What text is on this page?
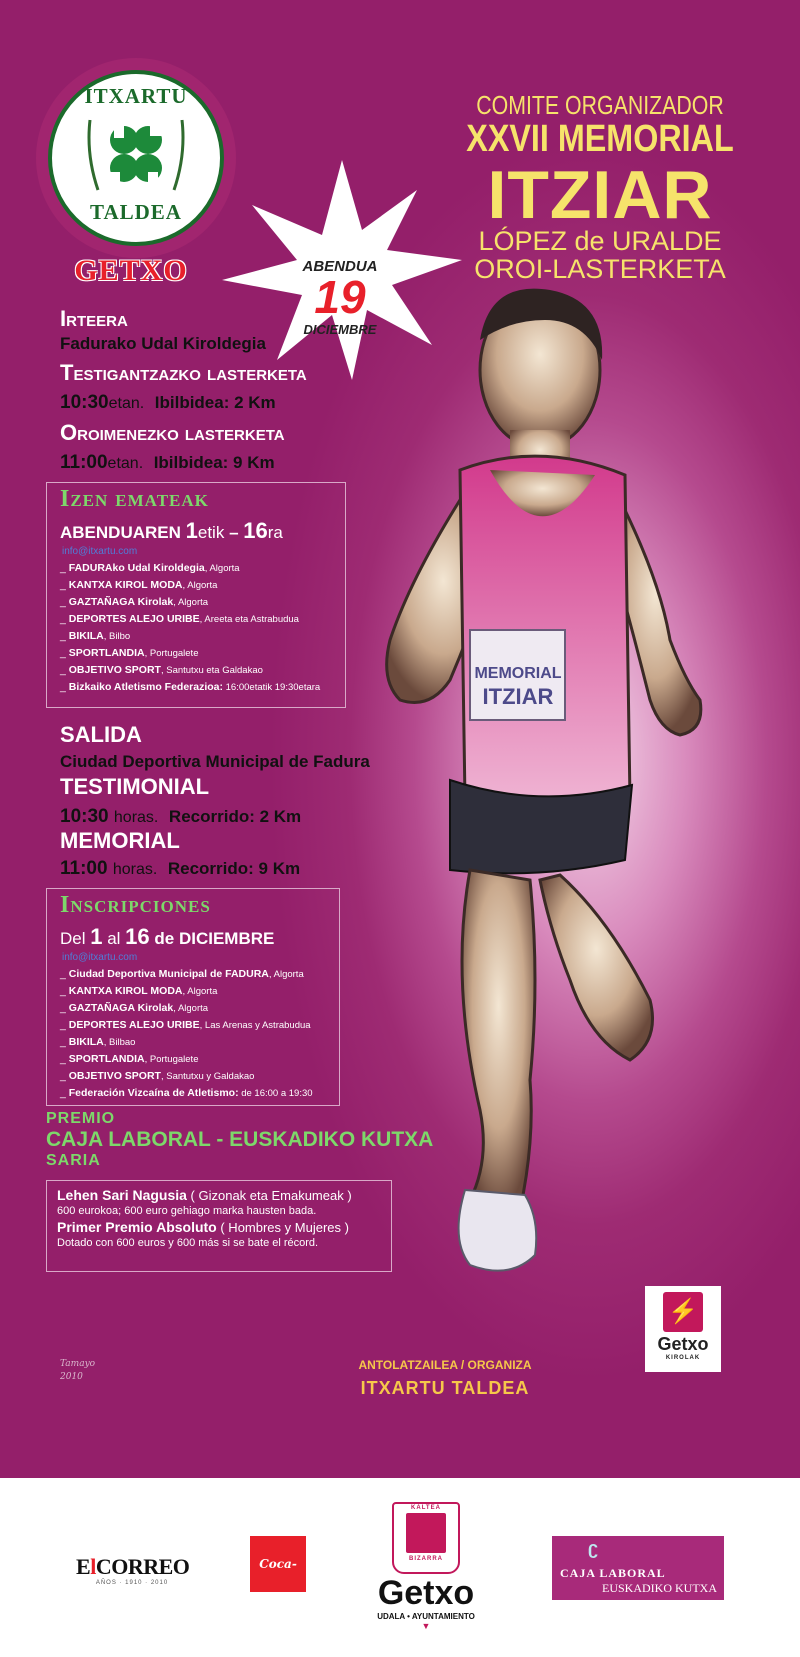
MEMORIAL
ITZIAR
ITXARTU
TALDEA
GETXO
COMITE ORGANIZADOR
XXVII MEMORIAL
ITZIAR
LÓPEZ de URALDE
OROI-LASTERKETA
ABENDUA
19
DICIEMBRE
Irteera
Fadurako Udal Kiroldegia
Testigantzazko lasterketa
10:30etan. Ibilbidea: 2 Km
Oroimenezko lasterketa
11:00etan. Ibilbidea: 9 Km
Izen emateak
ABENDUAREN 1etik – 16ra
info@itxartu.com
_ FADURAko Udal Kiroldegia, Algorta
_ KANTXA KIROL MODA, Algorta
_ GAZTAÑAGA Kirolak, Algorta
_ DEPORTES ALEJO URIBE, Areeta eta Astrabudua
_ BIKILA, Bilbo
_ SPORTLANDIA, Portugalete
_ OBJETIVO SPORT, Santutxu eta Galdakao
_ Bizkaiko Atletismo Federazioa: 16:00etatik 19:30etara
SALIDA
Ciudad Deportiva Municipal de Fadura
TESTIMONIAL
10:30 horas. Recorrido: 2 Km
MEMORIAL
11:00 horas. Recorrido: 9 Km
Inscripciones
Del 1 al 16 de DICIEMBRE
info@itxartu.com
_ Ciudad Deportiva Municipal de FADURA, Algorta
_ KANTXA KIROL MODA, Algorta
_ GAZTAÑAGA Kirolak, Algorta
_ DEPORTES ALEJO URIBE, Las Arenas y Astrabudua
_ BIKILA, Bilbao
_ SPORTLANDIA, Portugalete
_ OBJETIVO SPORT, Santutxu y Galdakao
_ Federación Vizcaína de Atletismo: de 16:00 a 19:30
PREMIO
CAJA LABORAL - EUSKADIKO KUTXA
SARIA
Lehen Sari Nagusia ( Gizonak eta Emakumeak )
600 eurokoa; 600 euro gehiago marka hausten bada.
Primer Premio Absoluto ( Hombres y Mujeres )
Dotado con 600 euros y 600 más si se bate el récord.
Tamayo
2010
ANTOLATZAILEA / ORGANIZA
ITXARTU TALDEA
⚡
Getxo
KIROLAK
ElCORREO
AÑOS · 1910 · 2010
Coca-Cola
KALTEA
BIZARRA
Getxo
UDALA • AYUNTAMIENTO
▼
ʗ
CAJA LABORAL
EUSKADIKO KUTXA
